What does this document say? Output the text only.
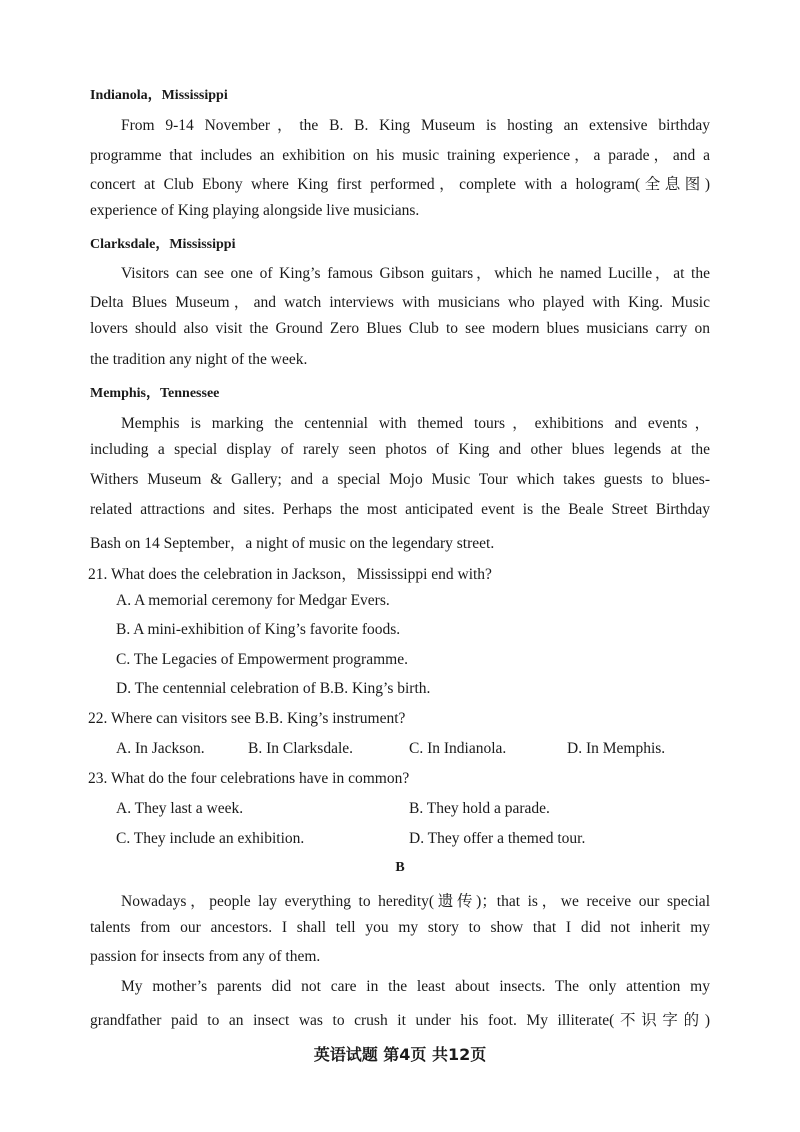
Indianola，Mississippi
From 9-14 November，the B. B. King Museum is hosting an extensive birthday
programme that includes an exhibition on his music training experience，a parade，and a
concert at Club Ebony where King first performed，complete with a hologram(全息图)
experience of King playing alongside live musicians.
Clarksdale，Mississippi
Visitors can see one of King’s famous Gibson guitars，which he named Lucille，at the
Delta Blues Museum，and watch interviews with musicians who played with King. Music
lovers should also visit the Ground Zero Blues Club to see modern blues musicians carry on
the tradition any night of the week.
Memphis，Tennessee
Memphis is marking the centennial with themed tours，exhibitions and events，
including a special display of rarely seen photos of King and other blues legends at the
Withers Museum & Gallery; and a special Mojo Music Tour which takes guests to blues-
related attractions and sites. Perhaps the most anticipated event is the Beale Street Birthday
Bash on 14 September，a night of music on the legendary street.
21. What does the celebration in Jackson，Mississippi end with?
A. A memorial ceremony for Medgar Evers.
B. A mini-exhibition of King’s favorite foods.
C. The Legacies of Empowerment programme.
D. The centennial celebration of B.B. King’s birth.
22. Where can visitors see B.B. King’s instrument?
A. In Jackson.	B. In Clarksdale.	C. In Indianola.	D. In Memphis.
23. What do the four celebrations have in common?
A. They last a week.	B. They hold a parade.
C. They include an exhibition.	D. They offer a themed tour.
B
Nowadays，people lay everything to heredity(遗传)；that is，we receive our special
talents from our ancestors. I shall tell you my story to show that I did not inherit my
passion for insects from any of them.
My mother’s parents did not care in the least about insects. The only attention my
grandfather paid to an insect was to crush it under his foot. My illiterate(不识字的)
英语试题 第4页 共12页
